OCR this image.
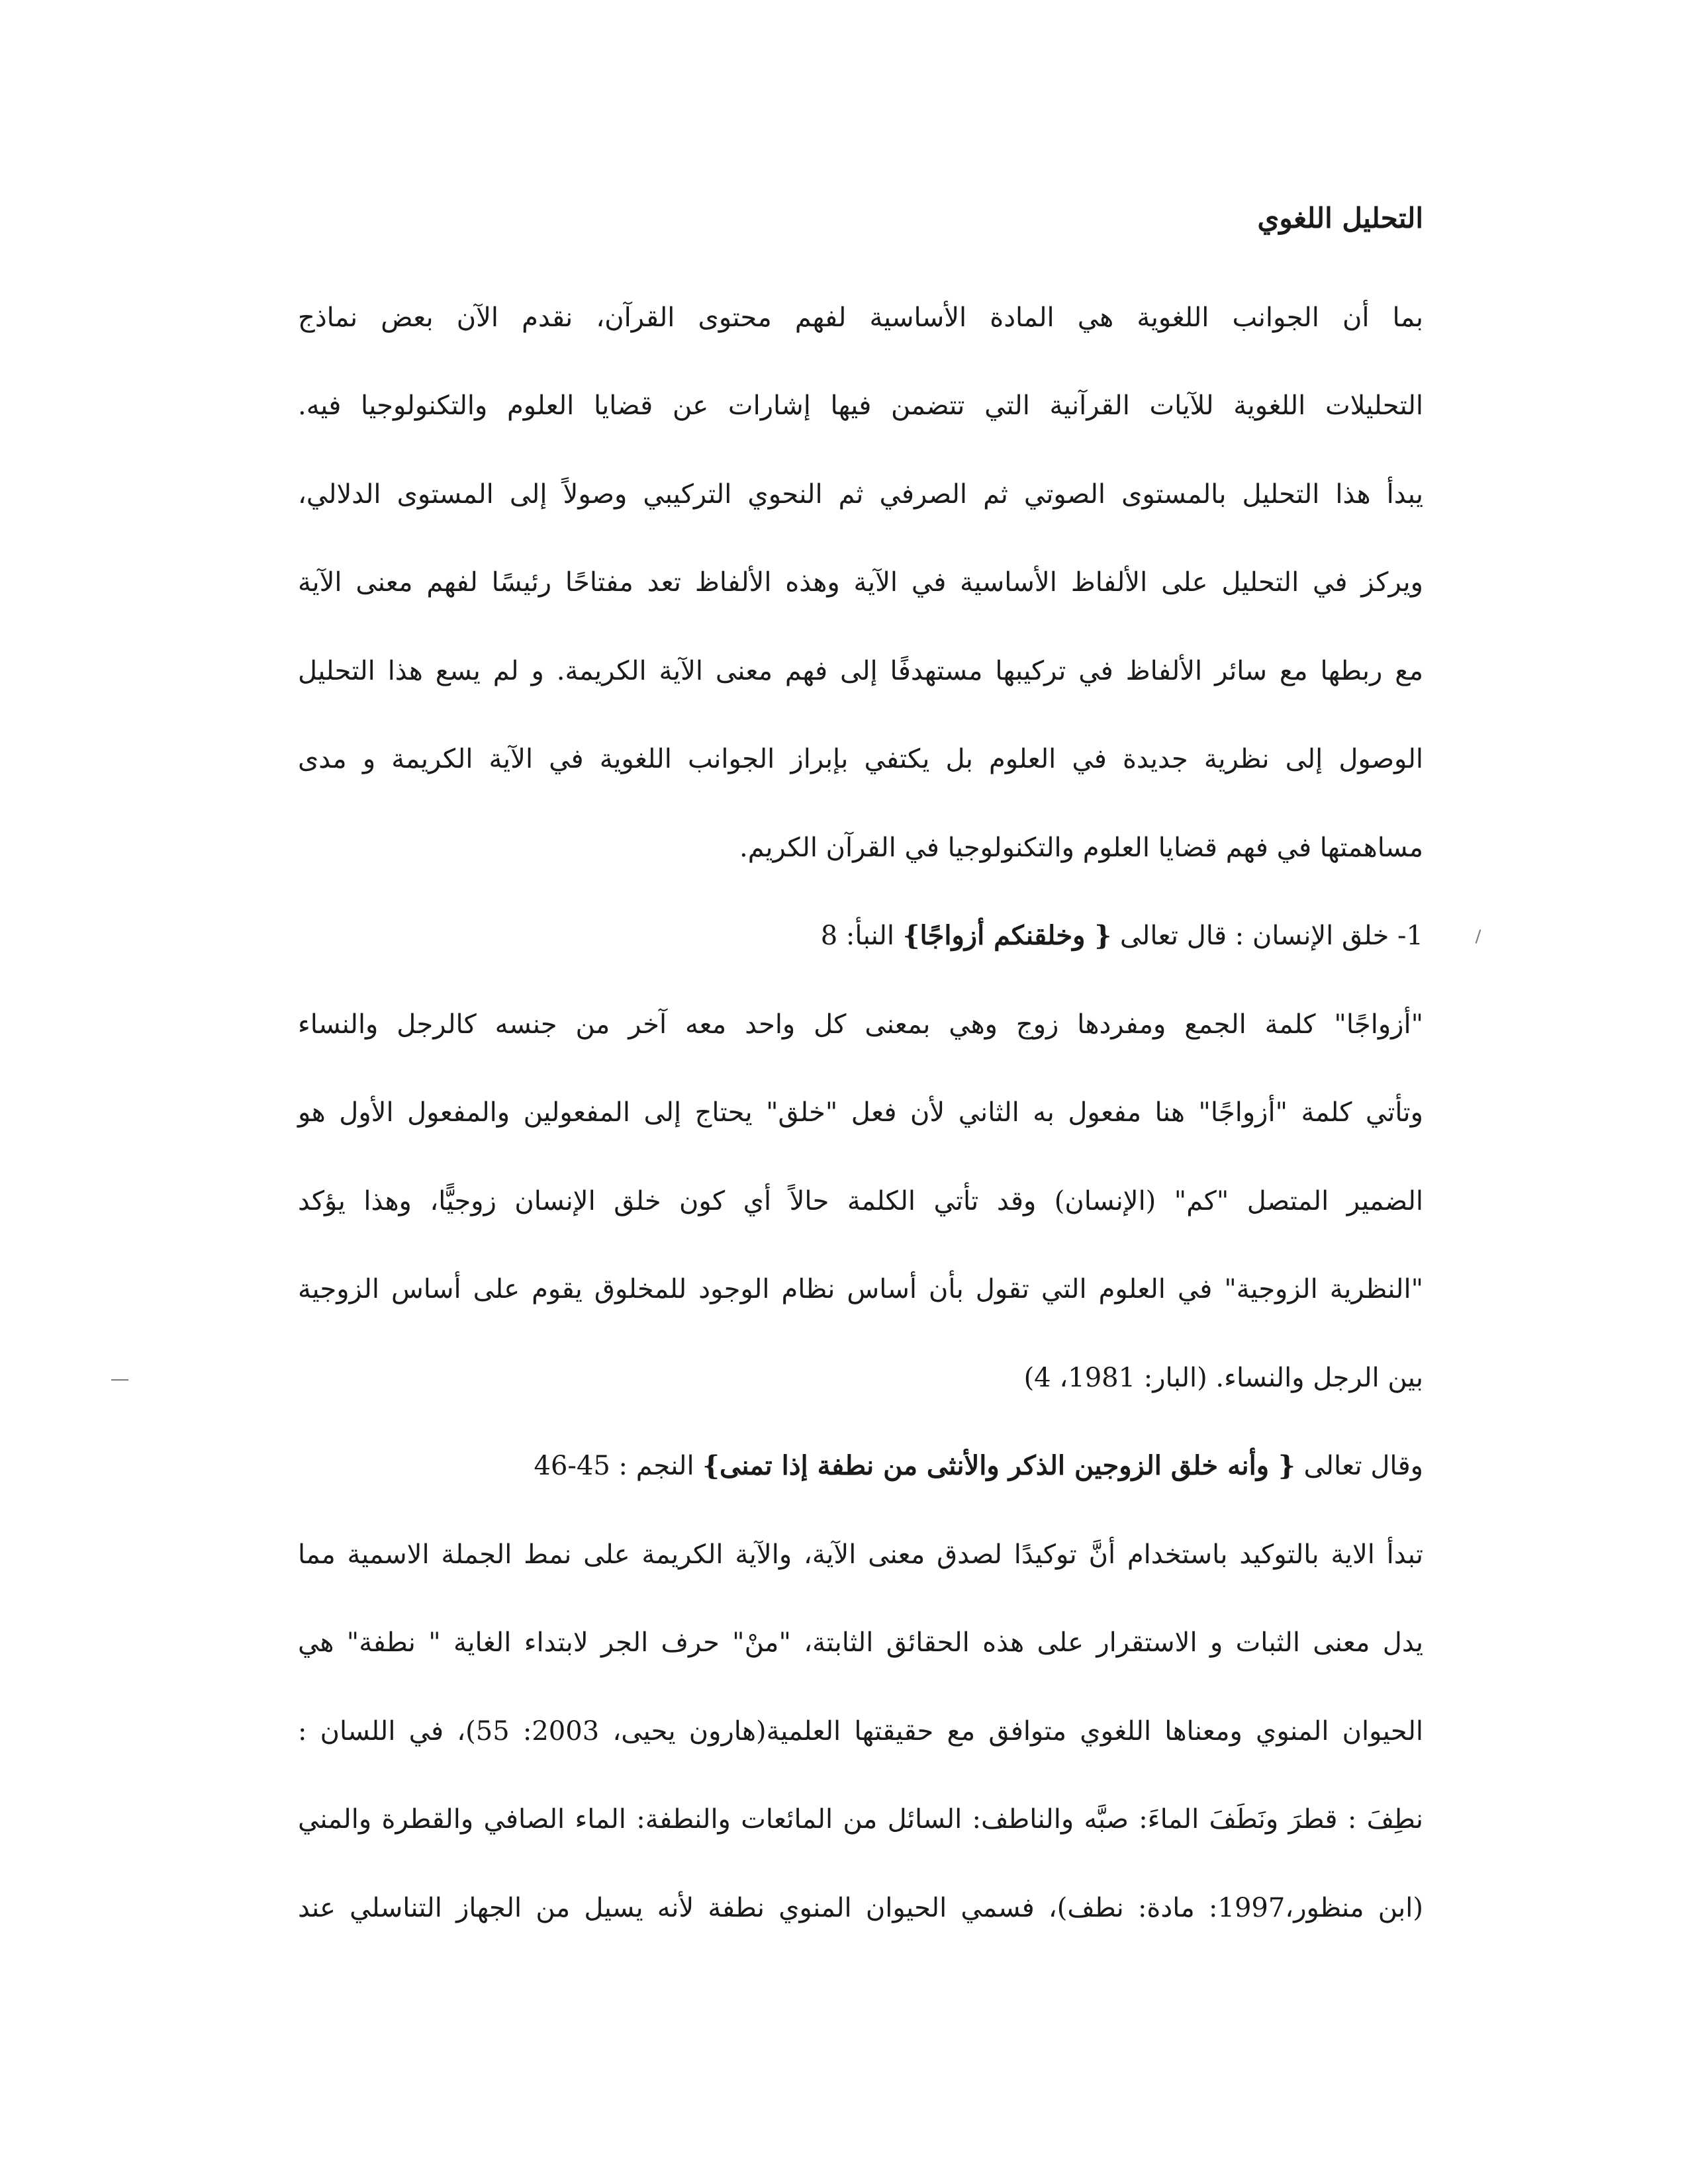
التحليل اللغوي
بما أن الجوانب اللغوية هي المادة الأساسية لفهم محتوى القرآن، نقدم الآن بعض نماذج
التحليلات اللغوية للآيات القرآنية التي تتضمن فيها إشارات عن قضايا العلوم والتكنولوجيا فيه.
يبدأ هذا التحليل بالمستوى الصوتي ثم الصرفي ثم النحوي التركيبي وصولاً إلى المستوى الدلالي،
ويركز في التحليل على الألفاظ الأساسية في الآية وهذه الألفاظ تعد مفتاحًا رئيسًا لفهم معنى الآية
مع ربطها مع سائر الألفاظ في تركيبها مستهدفًا إلى فهم معنى الآية الكريمة. و لم يسع هذا التحليل
الوصول إلى نظرية جديدة في العلوم بل يكتفي بإبراز الجوانب اللغوية في الآية الكريمة و مدى
مساهمتها في فهم قضايا العلوم والتكنولوجيا في القرآن الكريم.
1- خلق الإنسان : قال تعالى { وخلقنكم أزواجًا} النبأ: 8
"أزواجًا" كلمة الجمع ومفردها زوج وهي بمعنى كل واحد معه آخر من جنسه كالرجل والنساء
وتأتي كلمة "أزواجًا" هنا مفعول به الثاني لأن فعل "خلق" يحتاج إلى المفعولين والمفعول الأول هو
الضمير المتصل "كم" (الإنسان) وقد تأتي الكلمة حالاً أي كون خلق الإنسان زوجيًّا، وهذا يؤكد
"النظرية الزوجية" في العلوم التي تقول بأن أساس نظام الوجود للمخلوق يقوم على أساس الزوجية
بين الرجل والنساء. (البار: 1981، 4)
وقال تعالى { وأنه خلق الزوجين الذكر والأنثى من نطفة إذا تمنى} النجم : 45-46
تبدأ الاية بالتوكيد باستخدام أنَّ توكيدًا لصدق معنى الآية، والآية الكريمة على نمط الجملة الاسمية مما
يدل معنى الثبات و الاستقرار على هذه الحقائق الثابتة، "منْ" حرف الجر لابتداء الغاية " نطفة" هي
الحيوان المنوي ومعناها اللغوي متوافق مع حقيقتها العلمية(هارون يحيى، 2003: 55)، في اللسان :
نطِفَ : قطرَ ونَطَفَ الماءَ: صبَّه والناطف: السائل من المائعات والنطفة: الماء الصافي والقطرة والمني
(ابن منظور،1997: مادة: نطف)، فسمي الحيوان المنوي نطفة لأنه يسيل من الجهاز التناسلي عند
